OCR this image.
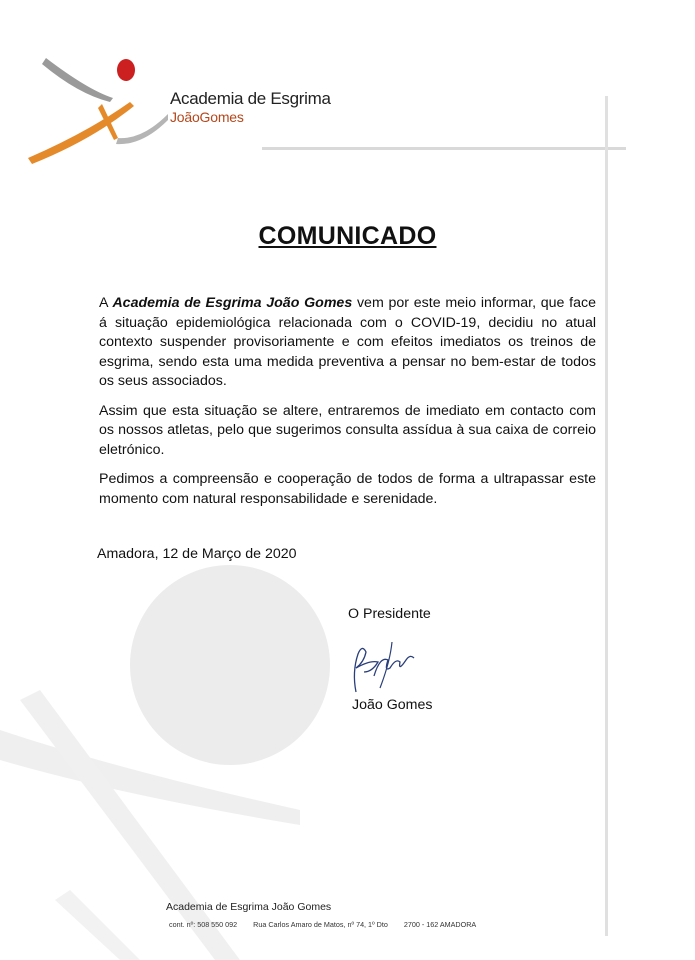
Academia de Esgrima
JoãoGomes
COMUNICADO

A Academia de Esgrima João Gomes vem por este meio informar, que face á situação epidemiológica relacionada com o COVID-19, decidiu no atual contexto suspender provisoriamente e com efeitos imediatos os treinos de esgrima, sendo esta uma medida preventiva a pensar no bem-estar de todos os seus associados.

Assim que esta situação se altere, entraremos de imediato em contacto com os nossos atletas, pelo que sugerimos consulta assídua à sua caixa de correio eletrónico.

Pedimos a compreensão e cooperação de todos de forma a ultrapassar este momento com natural responsabilidade e serenidade.

Amadora, 12 de Março de 2020
O Presidente
João Gomes
Academia de Esgrima João Gomes
cont. nº: 508 550 092 Rua Carlos Amaro de Matos, nº 74, 1º Dto 2700 - 162 AMADORA
